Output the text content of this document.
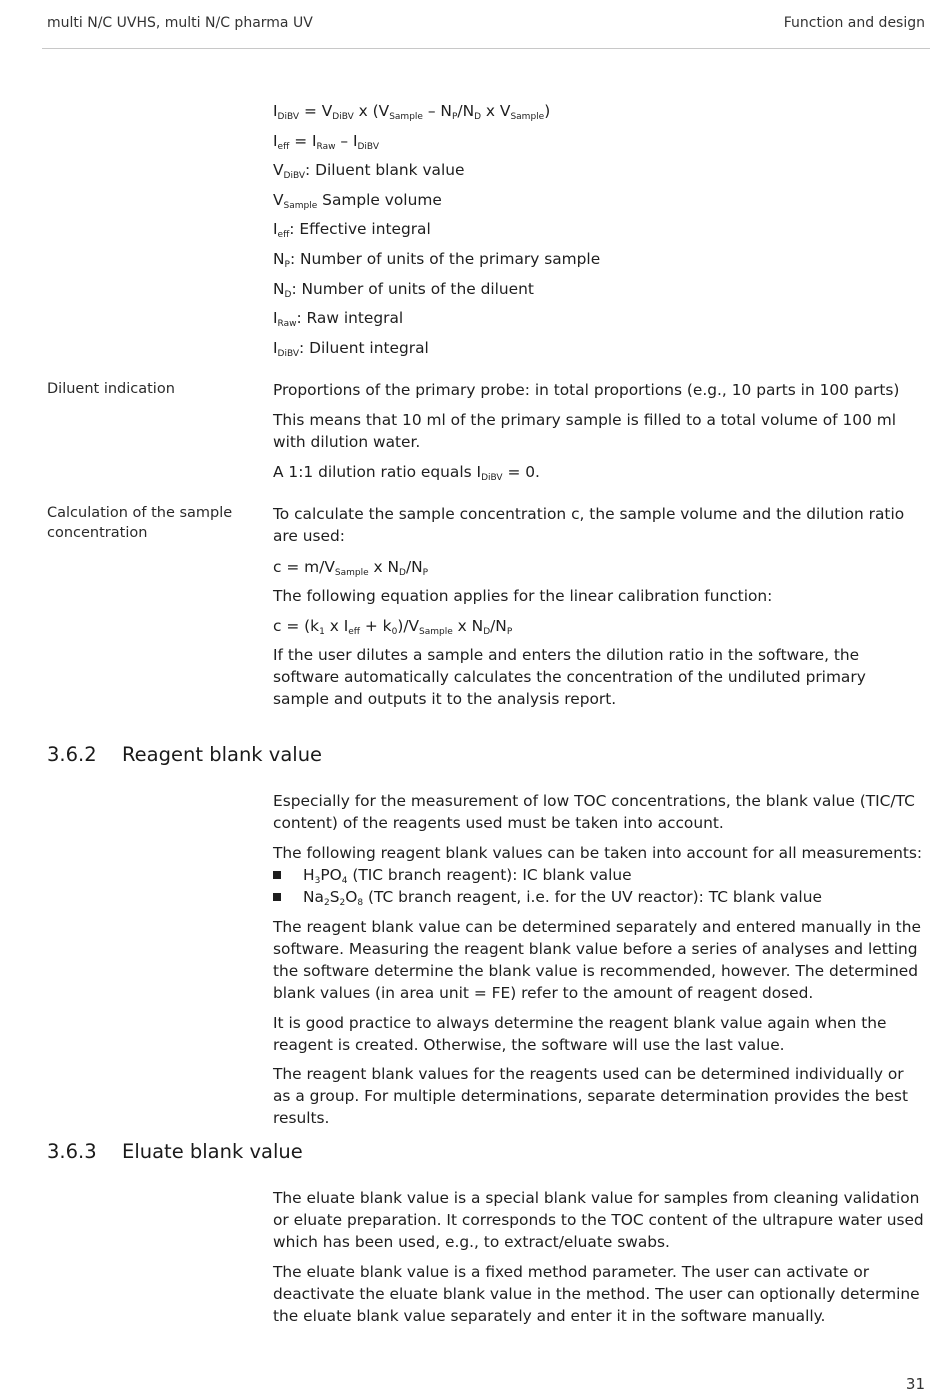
multi N/C UVHS, multi N/C pharma UV	Function and design

$I_{DiBV} = V_{DiBV}$ x ($V_{Sample} - N_P/N_D$ x $V_{Sample}$)

$I_{eff} = I_{Raw} - I_{DiBV}$

$V_{DiBV}$: Diluent blank value

$V_{Sample}$ Sample volume

$I_{eff}$: Effective integral

$N_P$: Number of units of the primary sample

$N_D$: Number of units of the diluent

$I_{Raw}$: Raw integral

$I_{DiBV}$: Diluent integral

Diluent indication	Proportions of the primary probe: in total proportions (e.g., 10 parts in 100 parts)

This means that 10 ml of the primary sample is filled to a total volume of 100 ml with dilution water.

A 1:1 dilution ratio equals $I_{DiBV} = 0$.

Calculation of the sample concentration

To calculate the sample concentration c, the sample volume and the dilution ratio are used:

$c = m/V_{Sample}$ x $N_D/N_P$

The following equation applies for the linear calibration function:

$c = (k_1$ x $I_{eff} + k_0)/V_{Sample}$ x $N_D/N_P$

If the user dilutes a sample and enters the dilution ratio in the software, the software automatically calculates the concentration of the undiluted primary sample and outputs it to the analysis report.

3.6.2 Reagent blank value

Especially for the measurement of low TOC concentrations, the blank value (TIC/TC content) of the reagents used must be taken into account.

The following reagent blank values can be taken into account for all measurements:

$H_3PO_4$ (TIC branch reagent): IC blank value
$Na_2S_2O_8$ (TC branch reagent, i.e. for the UV reactor): TC blank value

The reagent blank value can be determined separately and entered manually in the software. Measuring the reagent blank value before a series of analyses and letting the software determine the blank value is recommended, however. The determined blank values (in area unit = FE) refer to the amount of reagent dosed.

It is good practice to always determine the reagent blank value again when the reagent is created. Otherwise, the software will use the last value.

The reagent blank values for the reagents used can be determined individually or as a group. For multiple determinations, separate determination provides the best results.

3.6.3 Eluate blank value

The eluate blank value is a special blank value for samples from cleaning validation or eluate preparation. It corresponds to the TOC content of the ultrapure water used which has been used, e.g., to extract/eluate swabs.

The eluate blank value is a fixed method parameter. The user can activate or deactivate the eluate blank value in the method. The user can optionally determine the eluate blank value separately and enter it in the software manually.

31
